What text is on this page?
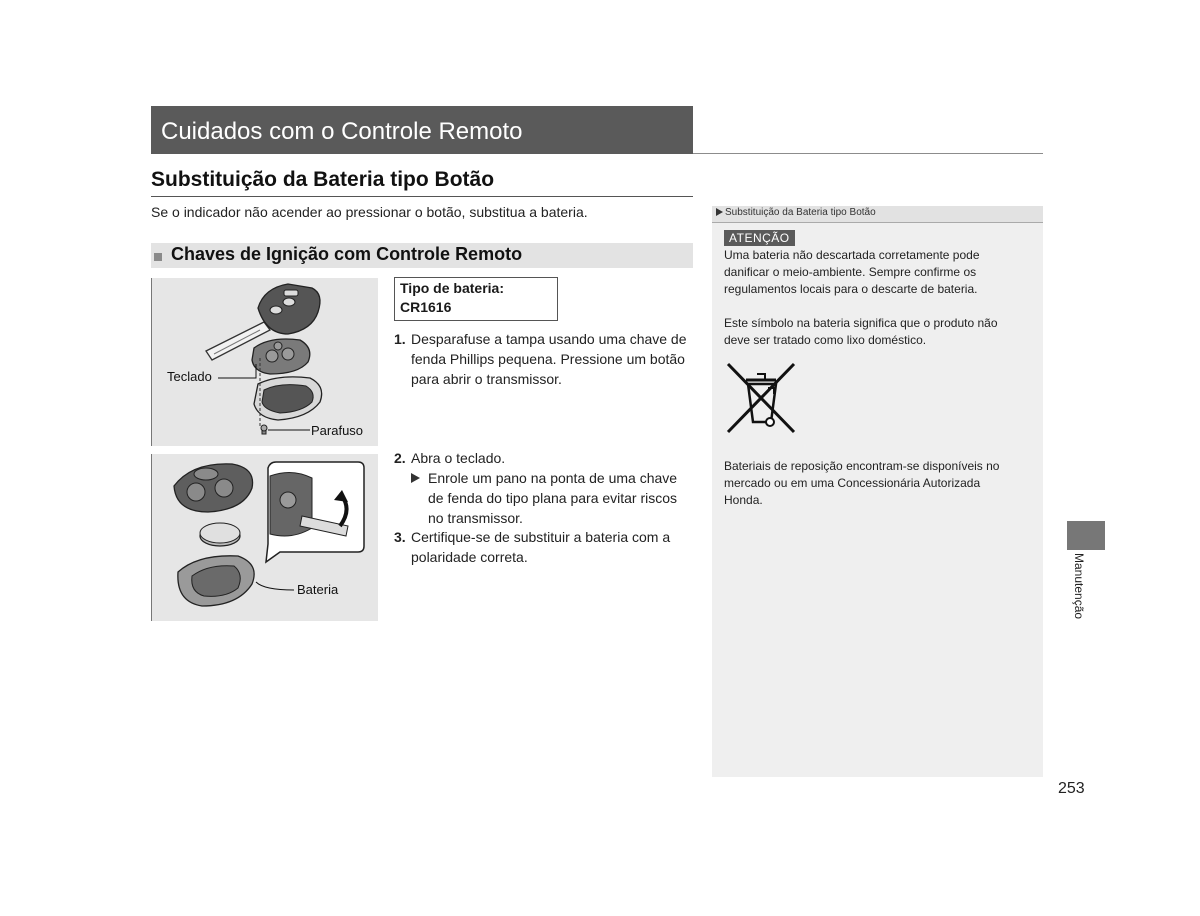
Cuidados com o Controle Remoto
Substituição da Bateria tipo Botão
Se o indicador não acender ao pressionar o botão, substitua a bateria.
Chaves de Ignição com Controle Remoto
Teclado
Parafuso
Bateria
Tipo de bateria:
CR1616
1. Desparafuse a tampa usando uma chave de
fenda Phillips pequena. Pressione um botão
para abrir o transmissor.
2. Abra o teclado.
Enrole um pano na ponta de uma chave
de fenda do tipo plana para evitar riscos
no transmissor.
3. Certifique-se de substituir a bateria com a
polaridade correta.
Substituição da Bateria tipo Botão
ATENÇÃO
Uma bateria não descartada corretamente pode
danificar o meio-ambiente. Sempre confirme os
regulamentos locais para o descarte de bateria.
Este símbolo na bateria significa que o produto não
deve ser tratado como lixo doméstico.
Bateriais de reposição encontram-se disponíveis no
mercado ou em uma Concessionária Autorizada
Honda.
Manutenção
253
